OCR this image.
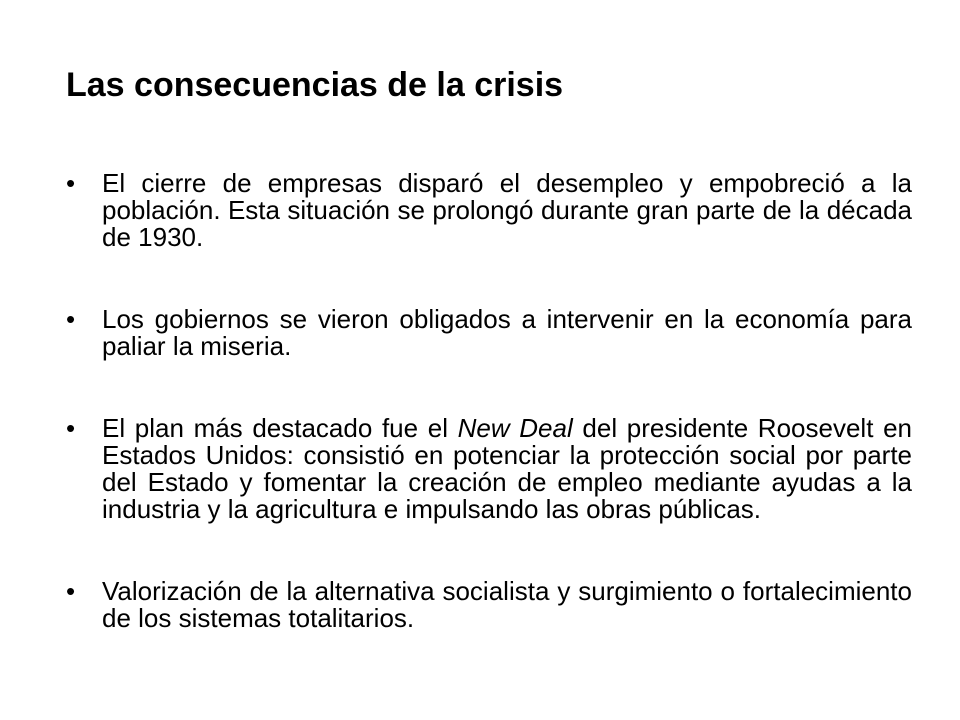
Las consecuencias de la crisis
• El cierre de empresas disparó el desempleo y empobreció a la población. Esta situación se prolongó durante gran parte de la década de 1930.
• Los gobiernos se vieron obligados a intervenir en la economía para paliar la miseria.
• El plan más destacado fue el New Deal del presidente Roosevelt en Estados Unidos: consistió en potenciar la protección social por parte del Estado y fomentar la creación de empleo mediante ayudas a la industria y la agricultura e impulsando las obras públicas.
• Valorización de la alternativa socialista y surgimiento o fortalecimiento de los sistemas totalitarios.
